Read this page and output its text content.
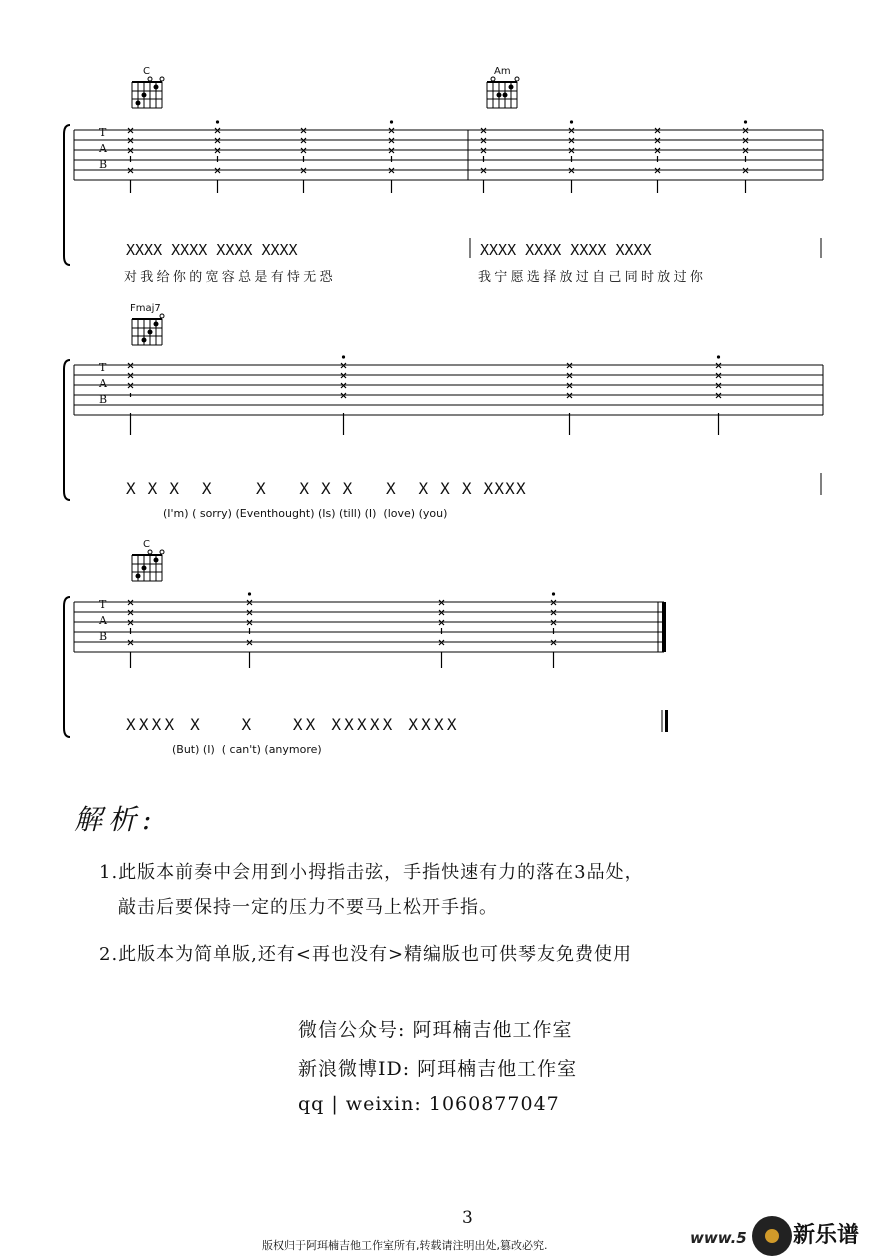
C	Am
T
A
B
XXXX XXXX XXXX XXXX	XXXX XXXX XXXX XXXX
对我给你的宽容总是有恃无恐	我宁愿选择放过自己同时放过你
Fmaj7
T
A
B
X X X  X    X   X X X   X  X X X XXXX
(I'm) ( sorry) (Eventhought) (Is) (till) (I)  (love) (you)
C
T
A
B
XXXX X   X   XX XXXXX XXXX
(But) (I)  ( can't) (anymore)
解析:
1.此版本前奏中会用到小拇指击弦，手指快速有力的落在3品处，
敲击后要保持一定的压力不要马上松开手指。
2.此版本为简单版,还有<再也没有>精编版也可供琴友免费使用
微信公众号: 阿珥楠吉他工作室
新浪微博ID: 阿珥楠吉他工作室
qq | weixin: 1060877047
3
版权归于阿珥楠吉他工作室所有,转载请注明出处,篡改必究.	www.5 新乐谱
